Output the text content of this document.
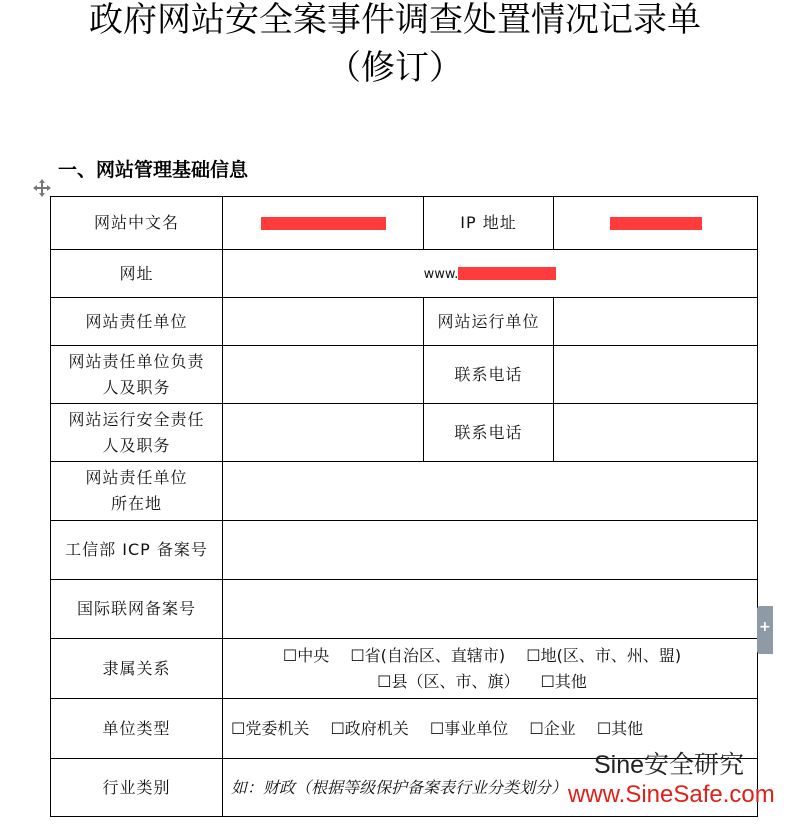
政府网站安全案事件调查处置情况记录单
（修订）
一、网站管理基础信息
网站中文名		IP 地址	
网址	www.		
网站责任单位		网站运行单位	

网站责任单位负责
人及职务		联系电话	

网站运行安全责任
人及职务		联系电话	

网站责任单位
所在地			

工信部 ICP 备案号			
国际联网备案号			
隶属关系	☐中央 ☐省(自治区、直辖市) ☐地(区、市、州、盟)
☐县（区、市、旗） ☐其他		

单位类型	☐党委机关 ☐政府机关 ☐事业单位 ☐企业 ☐其他		
行业类别	如：财政（根据等级保护备案表行业分类划分）		
+
Sine安全研究
www.SineSafe.com
